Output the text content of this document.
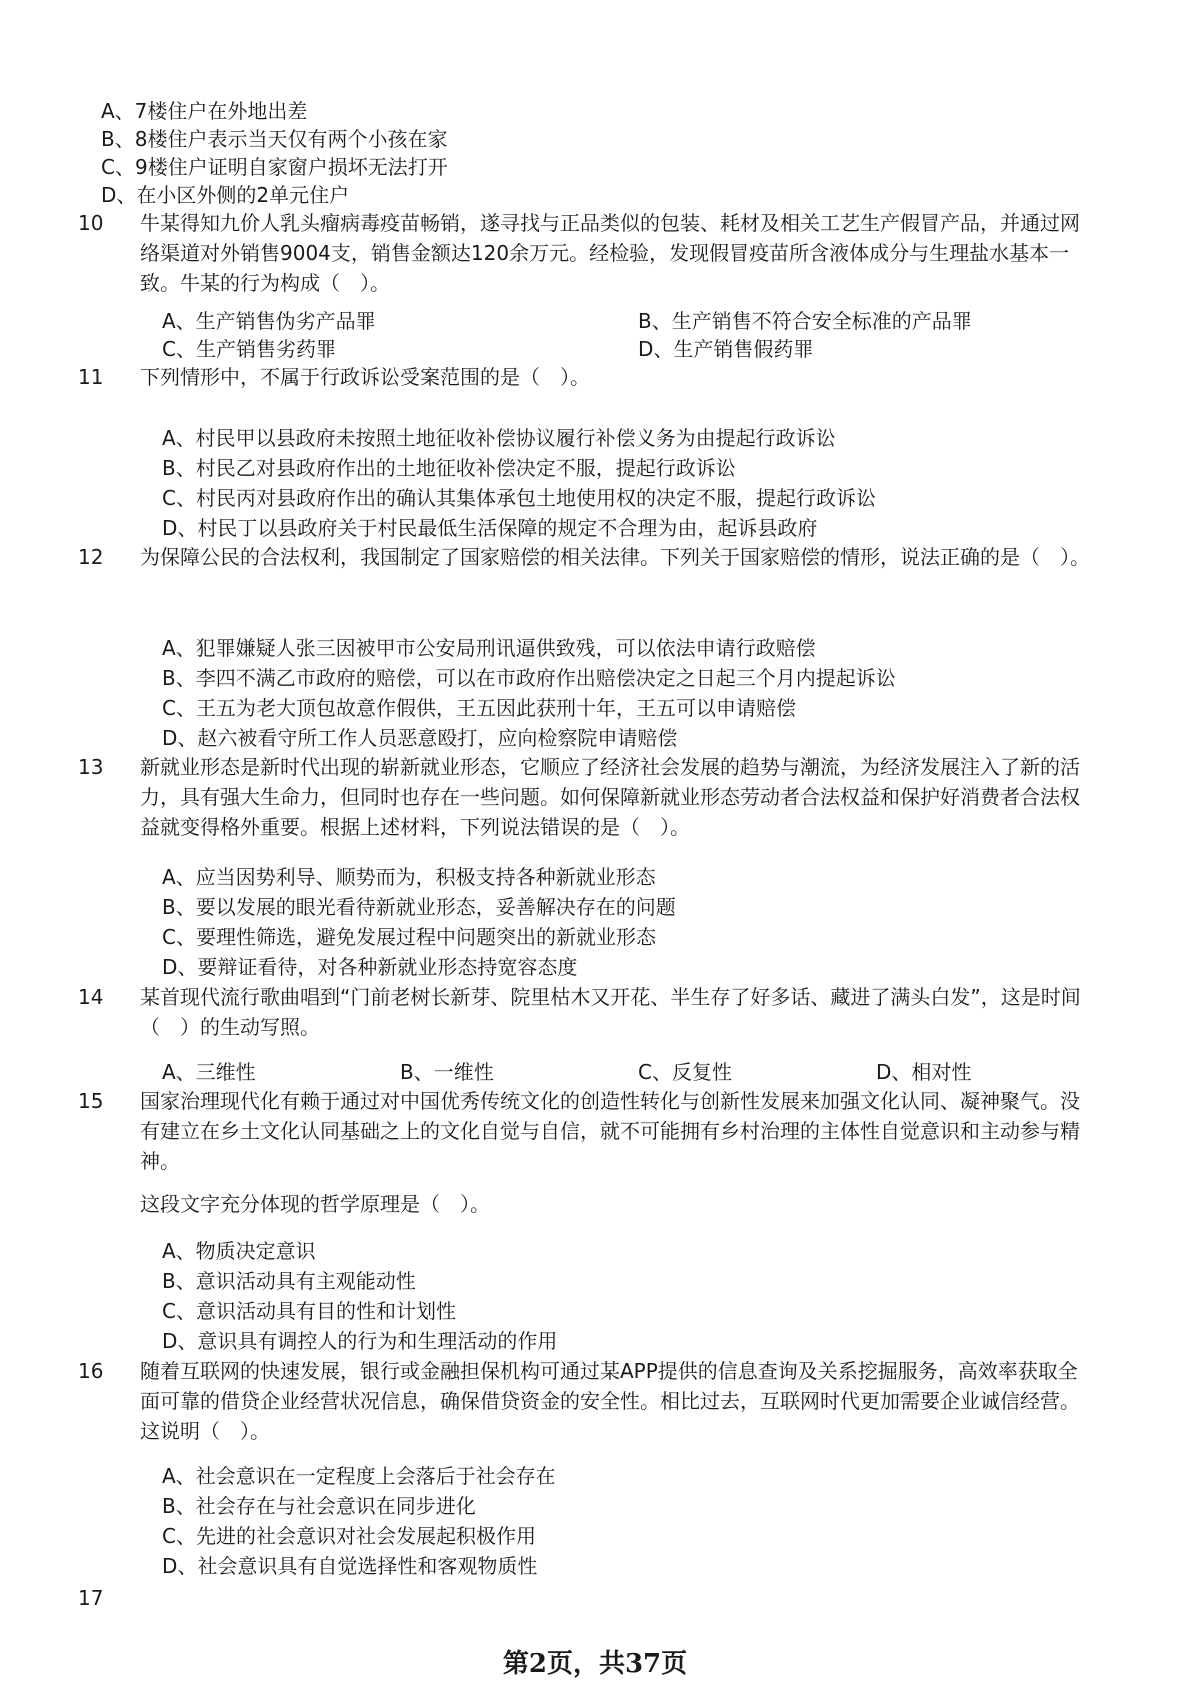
A、7楼住户在外地出差
B、8楼住户表示当天仅有两个小孩在家
C、9楼住户证明自家窗户损坏无法打开
D、在小区外侧的2单元住户
10	牛某得知九价人乳头瘤病毒疫苗畅销，遂寻找与正品类似的包装、耗材及相关工艺生产假冒产品，并通过网络渠道对外销售9004支，销售金额达120余万元。经检验，发现假冒疫苗所含液体成分与生理盐水基本一致。牛某的行为构成（　）。
A、生产销售伪劣产品罪	B、生产销售不符合安全标准的产品罪
C、生产销售劣药罪	D、生产销售假药罪
11	下列情形中，不属于行政诉讼受案范围的是（　）。
A、村民甲以县政府未按照土地征收补偿协议履行补偿义务为由提起行政诉讼
B、村民乙对县政府作出的土地征收补偿决定不服，提起行政诉讼
C、村民丙对县政府作出的确认其集体承包土地使用权的决定不服，提起行政诉讼
D、村民丁以县政府关于村民最低生活保障的规定不合理为由，起诉县政府
12	为保障公民的合法权利，我国制定了国家赔偿的相关法律。下列关于国家赔偿的情形，说法正确的是（　）。
A、犯罪嫌疑人张三因被甲市公安局刑讯逼供致残，可以依法申请行政赔偿
B、李四不满乙市政府的赔偿，可以在市政府作出赔偿决定之日起三个月内提起诉讼
C、王五为老大顶包故意作假供，王五因此获刑十年，王五可以申请赔偿
D、赵六被看守所工作人员恶意殴打，应向检察院申请赔偿
13	新就业形态是新时代出现的崭新就业形态，它顺应了经济社会发展的趋势与潮流，为经济发展注入了新的活力，具有强大生命力，但同时也存在一些问题。如何保障新就业形态劳动者合法权益和保护好消费者合法权益就变得格外重要。根据上述材料，下列说法错误的是（　）。
A、应当因势利导、顺势而为，积极支持各种新就业形态
B、要以发展的眼光看待新就业形态，妥善解决存在的问题
C、要理性筛选，避免发展过程中问题突出的新就业形态
D、要辩证看待，对各种新就业形态持宽容态度
14	某首现代流行歌曲唱到“门前老树长新芽、院里枯木又开花、半生存了好多话、藏进了满头白发”，这是时间（　）的生动写照。
A、三维性	B、一维性	C、反复性	D、相对性
15	国家治理现代化有赖于通过对中国优秀传统文化的创造性转化与创新性发展来加强文化认同、凝神聚气。没有建立在乡土文化认同基础之上的文化自觉与自信，就不可能拥有乡村治理的主体性自觉意识和主动参与精神。
这段文字充分体现的哲学原理是（　）。
A、物质决定意识
B、意识活动具有主观能动性
C、意识活动具有目的性和计划性
D、意识具有调控人的行为和生理活动的作用
16	随着互联网的快速发展，银行或金融担保机构可通过某APP提供的信息查询及关系挖掘服务，高效率获取全面可靠的借贷企业经营状况信息，确保借贷资金的安全性。相比过去，互联网时代更加需要企业诚信经营。这说明（　）。
A、社会意识在一定程度上会落后于社会存在
B、社会存在与社会意识在同步进化
C、先进的社会意识对社会发展起积极作用
D、社会意识具有自觉选择性和客观物质性
17
第2页，共37页
